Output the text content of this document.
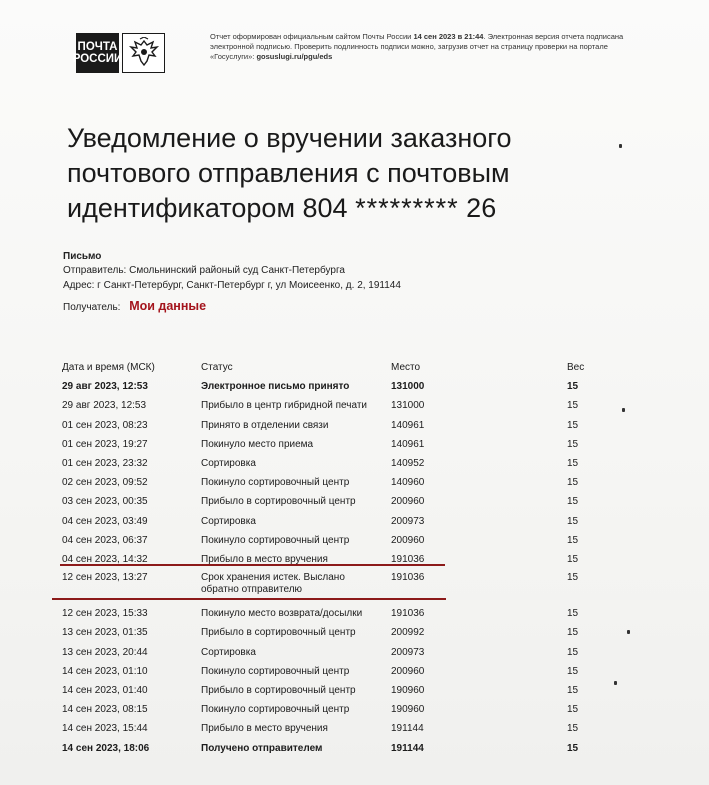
ПОЧТА
РОССИИ
Отчет оформирован официальным сайтом Почты России 14 сен 2023 в 21:44. Электронная версия отчета подписана электронной подписью. Проверить подлинность подписи можно, загрузив отчет на страницу проверки на портале «Госуслуги»: gosuslugi.ru/pgu/eds
Уведомление о вручении заказного
почтового отправления с почтовым
идентификатором 804 ********* 26
Письмо
Отправитель: Смольнинский районый суд Санкт-Петербурга
Адрес: г Санкт-Петербург, Санкт-Петербург г, ул Моисеенко, д. 2, 191144
Получатель: Мои данные
Дата и время (МСК)	Статус	Место	Вес
29 авг 2023, 12:53	Электронное письмо принято	131000	15
29 авг 2023, 12:53	Прибыло в центр гибридной печати	131000	15
01 сен 2023, 08:23	Принято в отделении связи	140961	15
01 сен 2023, 19:27	Покинуло место приема	140961	15
01 сен 2023, 23:32	Сортировка	140952	15
02 сен 2023, 09:52	Покинуло сортировочный центр	140960	15
03 сен 2023, 00:35	Прибыло в сортировочный центр	200960	15
04 сен 2023, 03:49	Сортировка	200973	15
04 сен 2023, 06:37	Покинуло сортировочный центр	200960	15
04 сен 2023, 14:32	Прибыло в место вручения	191036	15
12 сен 2023, 13:27	Срок хранения истек. Выслано
обратно отправителю	191036	15
12 сен 2023, 15:33	Покинуло место возврата/досылки	191036	15
13 сен 2023, 01:35	Прибыло в сортировочный центр	200992	15
13 сен 2023, 20:44	Сортировка	200973	15
14 сен 2023, 01:10	Покинуло сортировочный центр	200960	15
14 сен 2023, 01:40	Прибыло в сортировочный центр	190960	15
14 сен 2023, 08:15	Покинуло сортировочный центр	190960	15
14 сен 2023, 15:44	Прибыло в место вручения	191144	15
14 сен 2023, 18:06	Получено отправителем	191144	15
